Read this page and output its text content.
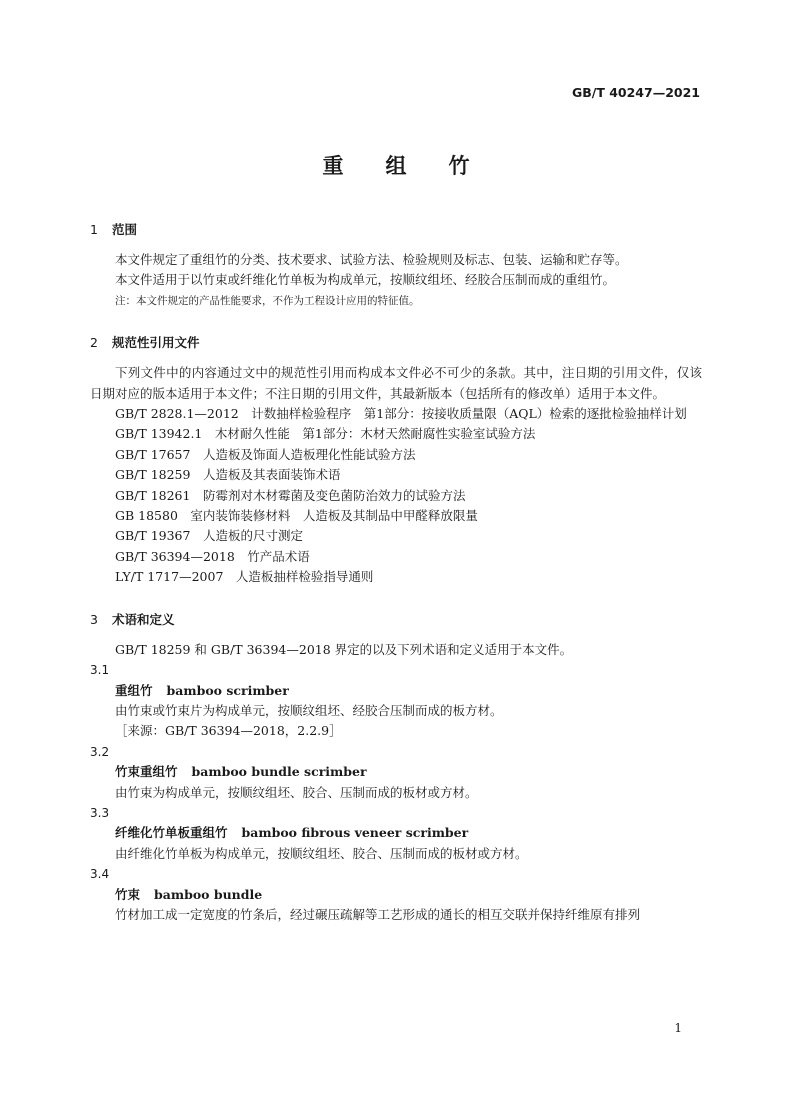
GB/T 40247—2021
重 组 竹

1 范围

本文件规定了重组竹的分类、技术要求、试验方法、检验规则及标志、包装、运输和贮存等。

本文件适用于以竹束或纤维化竹单板为构成单元，按顺纹组坯、经胶合压制而成的重组竹。

注：本文件规定的产品性能要求，不作为工程设计应用的特征值。

2 规范性引用文件

下列文件中的内容通过文中的规范性引用而构成本文件必不可少的条款。其中，注日期的引用文件，仅该日期对应的版本适用于本文件；不注日期的引用文件，其最新版本（包括所有的修改单）适用于本文件。

GB/T 2828.1—2012　计数抽样检验程序　第1部分：按接收质量限（AQL）检索的逐批检验抽样计划

GB/T 13942.1　木材耐久性能　第1部分：木材天然耐腐性实验室试验方法

GB/T 17657　人造板及饰面人造板理化性能试验方法

GB/T 18259　人造板及其表面装饰术语

GB/T 18261　防霉剂对木材霉菌及变色菌防治效力的试验方法

GB 18580　室内装饰装修材料　人造板及其制品中甲醛释放限量

GB/T 19367　人造板的尺寸测定

GB/T 36394—2018　竹产品术语

LY/T 1717—2007　人造板抽样检验指导通则

3 术语和定义

GB/T 18259 和 GB/T 36394—2018 界定的以及下列术语和定义适用于本文件。

3.1

重组竹 bamboo scrimber

由竹束或竹束片为构成单元，按顺纹组坯、经胶合压制而成的板方材。

［来源：GB/T 36394—2018，2.2.9］

3.2

竹束重组竹 bamboo bundle scrimber

由竹束为构成单元，按顺纹组坯、胶合、压制而成的板材或方材。

3.3

纤维化竹单板重组竹 bamboo fibrous veneer scrimber

由纤维化竹单板为构成单元，按顺纹组坯、胶合、压制而成的板材或方材。

3.4

竹束 bamboo bundle

竹材加工成一定宽度的竹条后，经过碾压疏解等工艺形成的通长的相互交联并保持纤维原有排列

1
